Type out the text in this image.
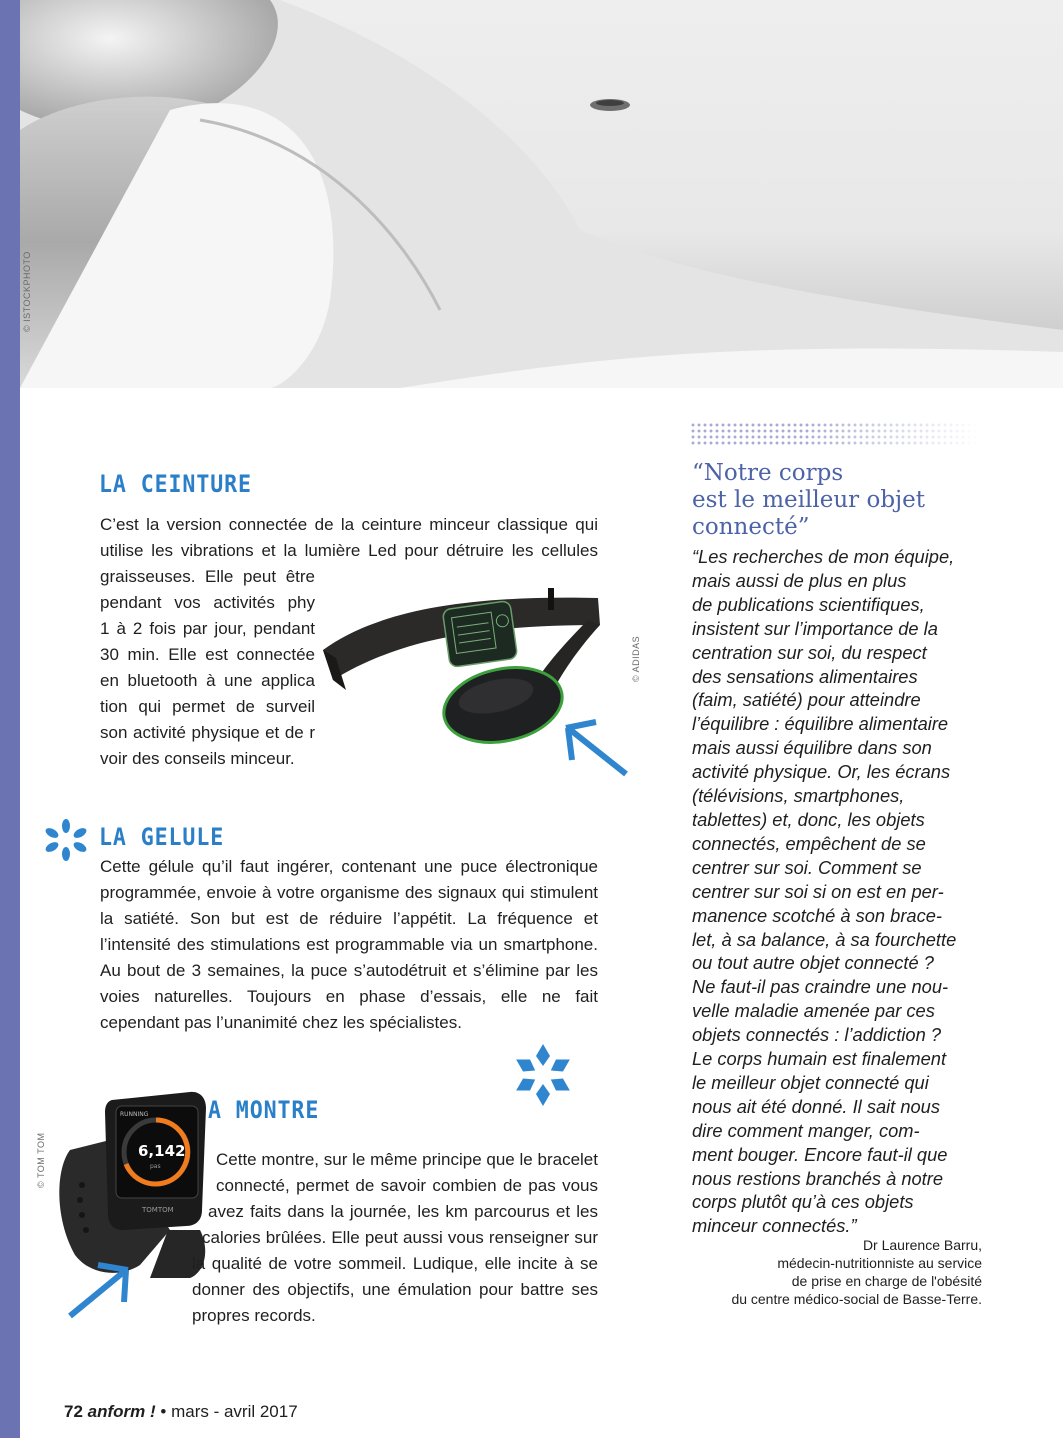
© ISTOCKPHOTO
LA CEINTURE

C’est la version connectée de la ceinture minceur classique qui

utilise les vibrations et la lumière Led pour détruire les cellules

graisseuses. Elle peut être

pendant vos activités phy

1 à 2 fois par jour, pendant

30 min. Elle est connectée

en bluetooth à une applica

tion qui permet de surveil

son activité physique et de r

voir des conseils minceur.

© ADIDAS
LA GELULE
Cette gélule qu’il faut ingérer, contenant une puce électronique programmée, envoie à votre organisme des signaux qui stimulent la satiété. Son but est de réduire l’appétit. La fréquence et l’intensité des stimulations est programmable via un smartphone. Au bout de 3 semaines, la puce s’autodétruit et s’élimine par les voies naturelles. Toujours en phase d’essais, elle ne fait cependant pas l’unanimité chez les spécialistes.
RUNNING
6,142
pas
TOMTOM
© TOM TOM
A MONTRE

Cette montre, sur le même principe que le bracelet

connecté, permet de savoir combien de pas vous

avez faits dans la journée, les km parcourus et les

calories brûlées. Elle peut aussi vous renseigner sur

la qualité de votre sommeil. Ludique, elle incite à se

donner des objectifs, une émulation pour battre ses

propres records.

“Notre corps
est le meilleur objet
connecté”

“Les recherches de mon équipe,

mais aussi de plus en plus

de publications scientifiques,

insistent sur l’importance de la

centration sur soi, du respect

des sensations alimentaires

(faim, satiété) pour atteindre

l’équilibre : équilibre alimentaire

mais aussi équilibre dans son

activité physique. Or, les écrans

(télévisions, smartphones,

tablettes) et, donc, les objets

connectés, empêchent de se

centrer sur soi. Comment se

centrer sur soi si on est en per-

manence scotché à son brace-

let, à sa balance, à sa fourchette

ou tout autre objet connecté ?

Ne faut-il pas craindre une nou-

velle maladie amenée par ces

objets connectés : l’addiction ?

Le corps humain est finalement

le meilleur objet connecté qui

nous ait été donné. Il sait nous

dire comment manger, com-

ment bouger. Encore faut-il que

nous restions branchés à notre

corps plutôt qu’à ces objets

minceur connectés.”

Dr Laurence Barru,
médecin-nutritionniste au service
de prise en charge de l'obésité
du centre médico-social de Basse-Terre.
72 anform ! • mars - avril 2017
